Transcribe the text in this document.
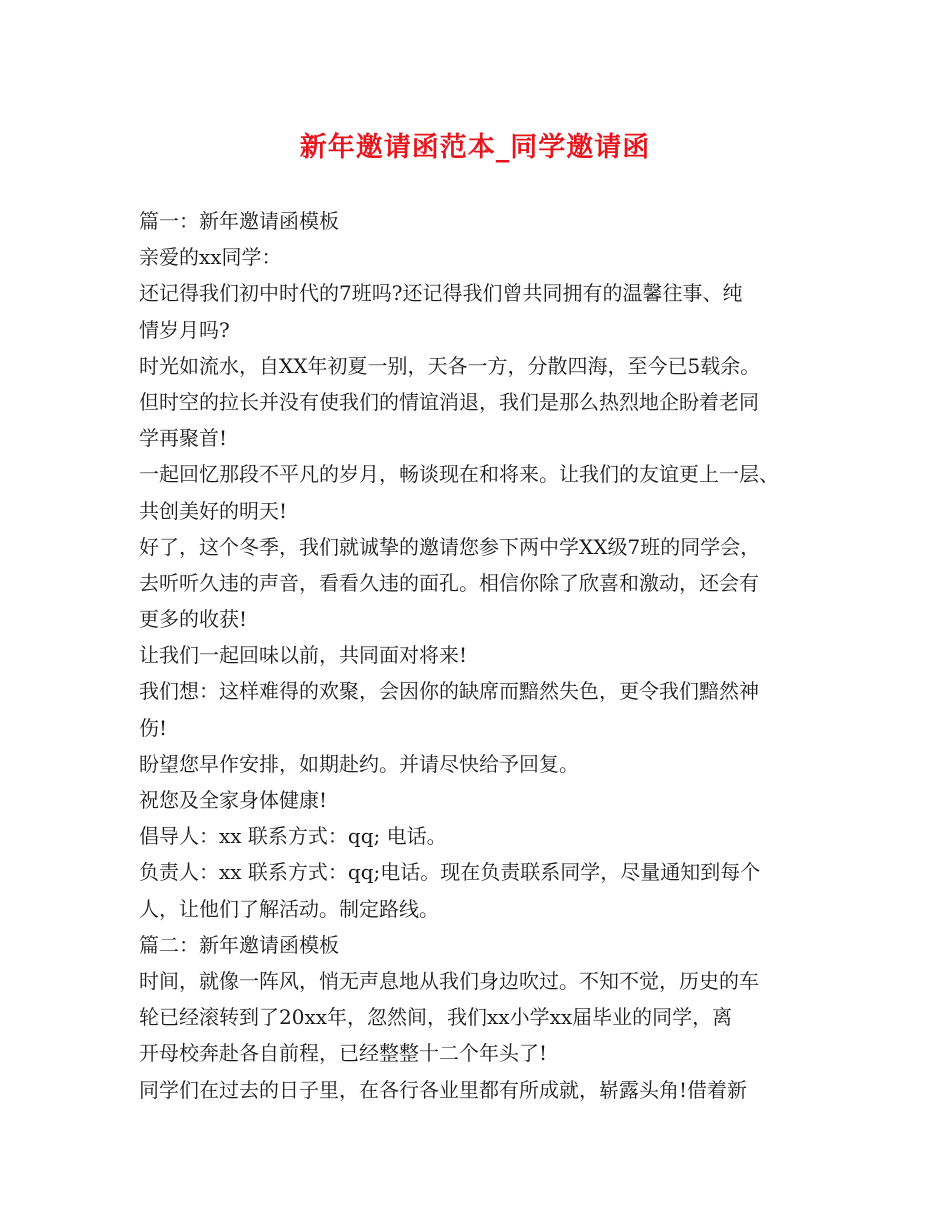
新年邀请函范本_同学邀请函
篇一：新年邀请函模板
亲爱的xx同学：
还记得我们初中时代的7班吗?还记得我们曾共同拥有的温馨往事、纯
情岁月吗?
时光如流水，自XX年初夏一别，天各一方，分散四海，至今已5载余。
但时空的拉长并没有使我们的情谊消退，我们是那么热烈地企盼着老同
学再聚首!
一起回忆那段不平凡的岁月，畅谈现在和将来。让我们的友谊更上一层、
共创美好的明天!
好了，这个冬季，我们就诚挚的邀请您参下两中学XX级7班的同学会，
去听听久违的声音，看看久违的面孔。相信你除了欣喜和激动，还会有
更多的收获!
让我们一起回味以前，共同面对将来!
我们想：这样难得的欢聚，会因你的缺席而黯然失色，更令我们黯然神
伤!
盼望您早作安排，如期赴约。并请尽快给予回复。
祝您及全家身体健康!
倡导人：xx 联系方式：qq; 电话。
负责人：xx 联系方式：qq;电话。现在负责联系同学，尽量通知到每个
人，让他们了解活动。制定路线。
篇二：新年邀请函模板
时间，就像一阵风，悄无声息地从我们身边吹过。不知不觉，历史的车
轮已经滚转到了20xx年，忽然间，我们xx小学xx届毕业的同学，离
开母校奔赴各自前程，已经整整十二个年头了!
同学们在过去的日子里，在各行各业里都有所成就，崭露头角!借着新
